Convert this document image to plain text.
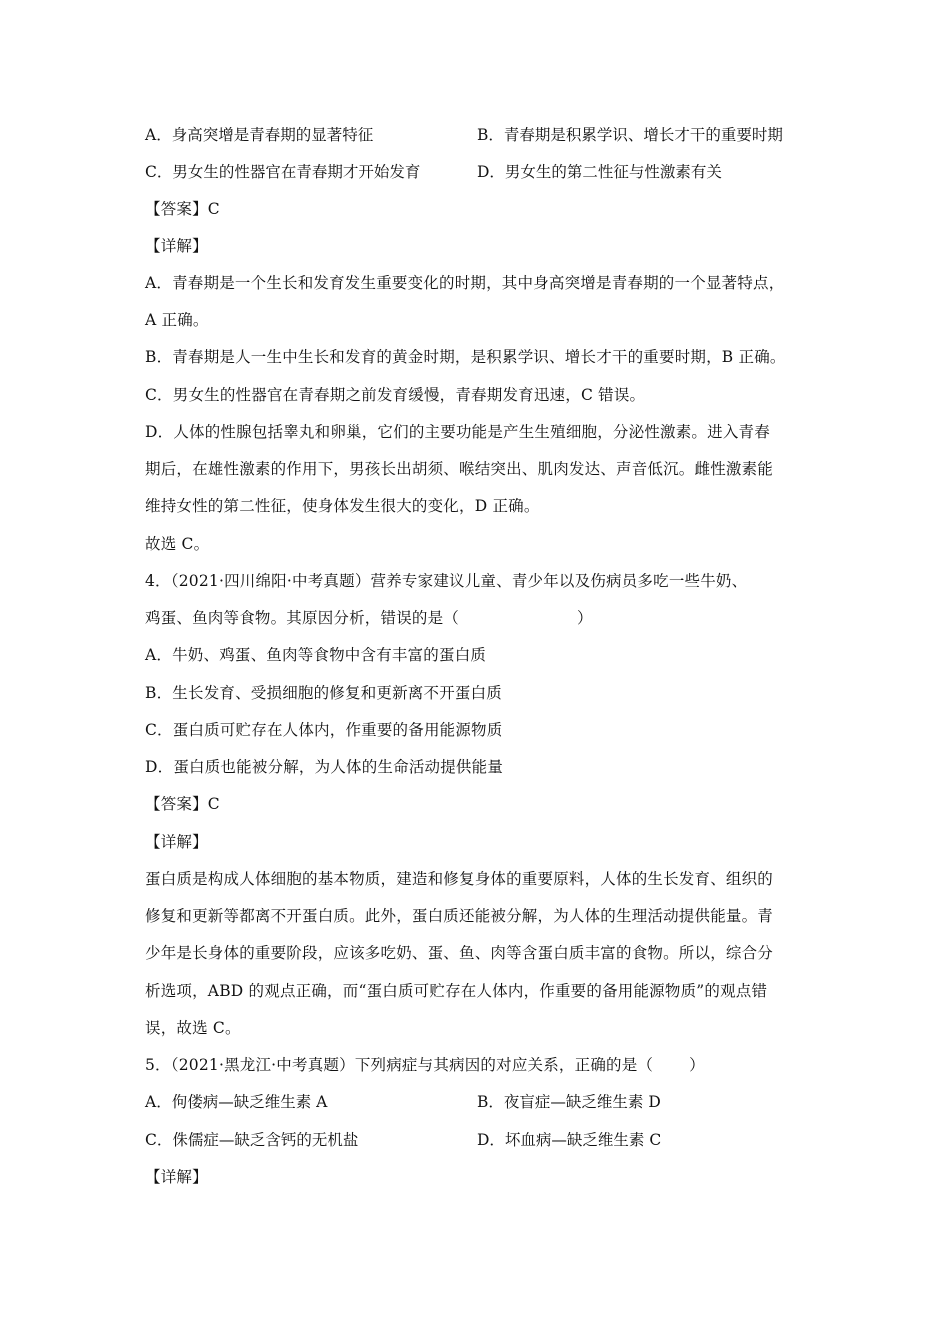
A．身高突增是青春期的显著特征	B．青春期是积累学识、增长才干的重要时期
C．男女生的性器官在青春期才开始发育	D．男女生的第二性征与性激素有关
【答案】C
【详解】
A．青春期是一个生长和发育发生重要变化的时期，其中身高突增是青春期的一个显著特点，
A 正确。
B．青春期是人一生中生长和发育的黄金时期，是积累学识、增长才干的重要时期，B 正确。
C．男女生的性器官在青春期之前发育缓慢，青春期发育迅速，C 错误。
D．人体的性腺包括睾丸和卵巢，它们的主要功能是产生生殖细胞，分泌性激素。进入青春
期后，在雄性激素的作用下，男孩长出胡须、喉结突出、肌肉发达、声音低沉。雌性激素能
维持女性的第二性征，使身体发生很大的变化，D 正确。
故选 C。
4．（2021·四川绵阳·中考真题）营养专家建议儿童、青少年以及伤病员多吃一些牛奶、
鸡蛋、鱼肉等食物。其原因分析，错误的是（	）
A．牛奶、鸡蛋、鱼肉等食物中含有丰富的蛋白质
B．生长发育、受损细胞的修复和更新离不开蛋白质
C．蛋白质可贮存在人体内，作重要的备用能源物质
D．蛋白质也能被分解，为人体的生命活动提供能量
【答案】C
【详解】
蛋白质是构成人体细胞的基本物质，建造和修复身体的重要原料，人体的生长发育、组织的
修复和更新等都离不开蛋白质。此外，蛋白质还能被分解，为人体的生理活动提供能量。青
少年是长身体的重要阶段，应该多吃奶、蛋、鱼、肉等含蛋白质丰富的食物。所以，综合分
析选项，ABD 的观点正确，而“蛋白质可贮存在人体内，作重要的备用能源物质”的观点错
误，故选 C。
5．（2021·黑龙江·中考真题）下列病症与其病因的对应关系，正确的是（ ）
A．佝偻病—缺乏维生素 A	B．夜盲症—缺乏维生素 D
C．侏儒症—缺乏含钙的无机盐	D．坏血病—缺乏维生素 C
【详解】
